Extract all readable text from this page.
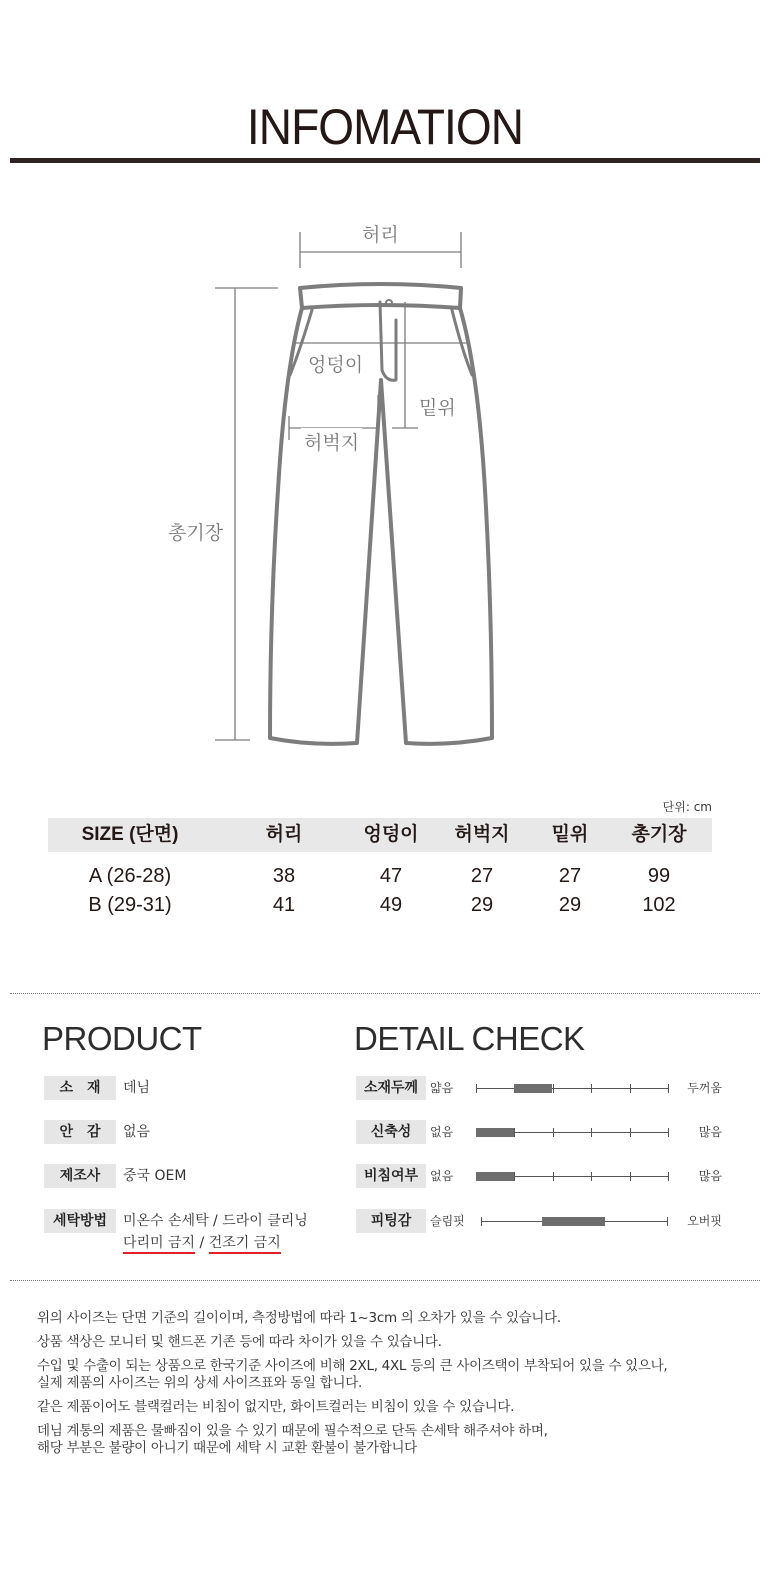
INFOMATION
허리
엉덩이
밑위
허벅지
총기장
단위: cm
SIZE (단면)	허리	엉덩이 허벅지 밑위 총기장
A (26-28)	38	47	27	27	99
B (29-31)	41	49	29	29	102
PRODUCT
소　재	데님
안　감	없음
제조사	중국 OEM
세탁방법	미온수 손세탁 / 드라이 클리닝
다리미 금지 / 건조기 금지
DETAIL CHECK
소재두께 얇음	두꺼움
신축성	없음	많음
비침여부 없음	많음
피팅감	슬림핏	오버핏

위의 사이즈는 단면 기준의 길이이며, 측정방법에 따라 1~3cm 의 오차가 있을 수 있습니다.

상품 색상은 모니터 및 핸드폰 기존 등에 따라 차이가 있을 수 있습니다.

수입 및 수출이 되는 상품으로 한국기준 사이즈에 비해 2XL, 4XL 등의 큰 사이즈택이 부착되어 있을 수 있으나,

실제 제품의 사이즈는 위의 상세 사이즈표와 동일 합니다.

같은 제품이어도 블랙컬러는 비침이 없지만, 화이트컬러는 비침이 있을 수 있습니다.

데님 계통의 제품은 물빠짐이 있을 수 있기 때문에 필수적으로 단독 손세탁 해주셔야 하며,

해당 부분은 불량이 아니기 때문에 세탁 시 교환 환불이 불가합니다
